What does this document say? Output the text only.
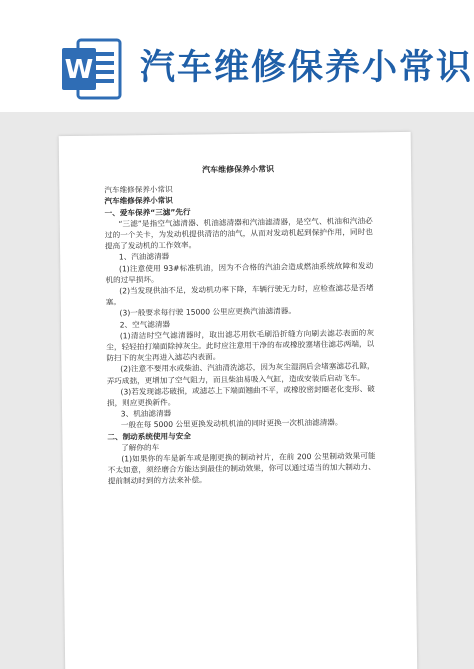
W 汽车维修保养小常识

汽车维修保养小常识

汽车维修保养小常识

汽车维修保养小常识

一、爱车保养“三滤”先行

“三滤”是指空气滤清器、机油滤清器和汽油滤清器，是空气、机油和汽油必过的一个关卡，为发动机提供清洁的油气，从而对发动机起到保护作用，同时也提高了发动机的工作效率。

1、汽油滤清器

(1)注意使用 93#标准机油，因为不合格的汽油会造成燃油系统故障和发动机的过早损坏。

(2)当发现供油不足，发动机功率下降，车辆行驶无力时，应检查滤芯是否堵塞。

(3)一般要求每行驶 15000 公里应更换汽油滤清器。

2、空气滤清器

(1)清洁时空气滤清器时，取出滤芯用软毛刷沿折缝方向刷去滤芯表面的灰尘，轻轻拍打端面除掉灰尘。此时应注意用干净的布或橡胶塞堵住滤芯两端，以防扫下的灰尘再进入滤芯内表面。

(2)注意不要用水或柴油、汽油清洗滤芯，因为灰尘湿润后会堵塞滤芯孔隙，弄巧成拙，更增加了空气阻力，而且柴油易吸入气缸，造成安装后启动飞车。

(3)若发现滤芯破损，或滤芯上下端面翘曲不平，或橡胶密封圈老化变形、破损，则应更换新件。

3、机油滤清器

一般在每 5000 公里更换发动机机油的同时更换一次机油滤清器。

二、制动系统使用与安全

了解你的车

(1)如果你的车是新车或是刚更换的制动衬片，在前 200 公里制动效果可能不太如意，须经磨合方能达到最佳的制动效果，你可以通过适当的加大制动力、提前制动时到的方法来补偿。
